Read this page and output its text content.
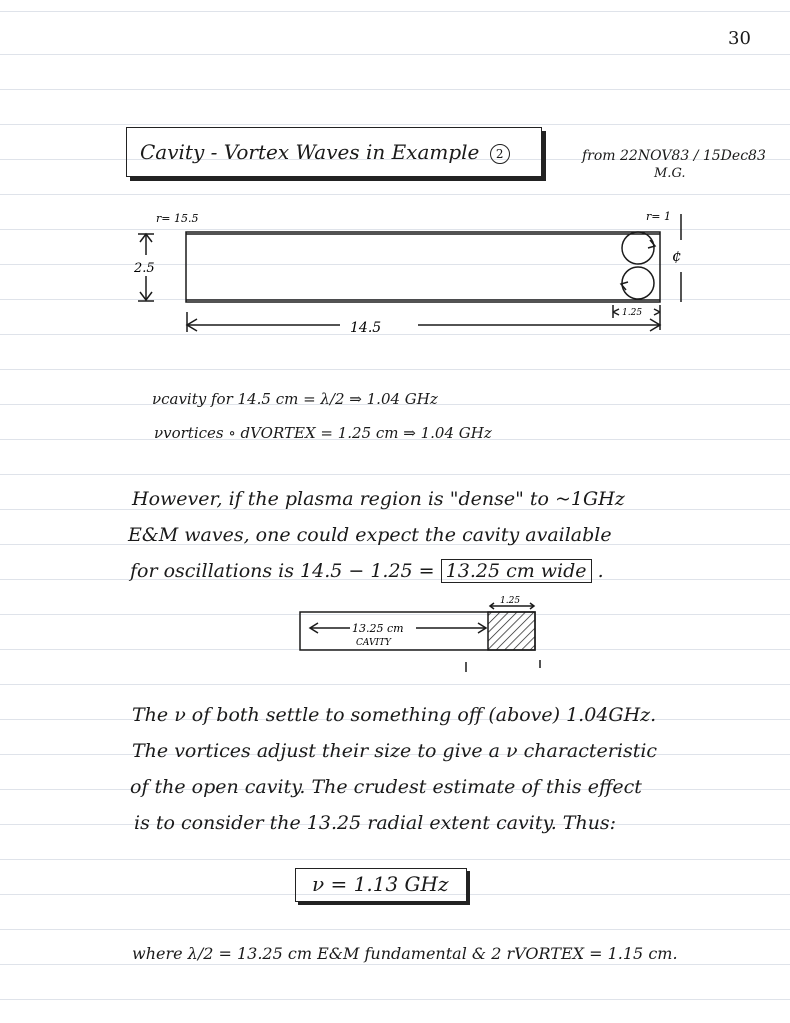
30
Cavity - Vortex Waves in Example 2	from 22NOV83 / 15Dec83
M.G.
r= 15.5	r= 1
2.5
14.5
1.25
¢
νcavity for 14.5 cm = λ/2 ⇒ 1.04 GHz
νvortices ∘ dVORTEX = 1.25 cm ⇒ 1.04 GHz
However, if the plasma region is "dense" to ~1GHz
E&M waves, one could expect the cavity available
for oscillations is 14.5 − 1.25 = 13.25 cm wide .
13.25 cm
CAVITY
1.25
The ν of both settle to something off (above) 1.04GHz.
The vortices adjust their size to give a ν characteristic
of the open cavity. The crudest estimate of this effect
is to consider the 13.25 radial extent cavity. Thus:
ν = 1.13 GHz
where λ/2 = 13.25 cm E&M fundamental & 2 rVORTEX = 1.15 cm.
